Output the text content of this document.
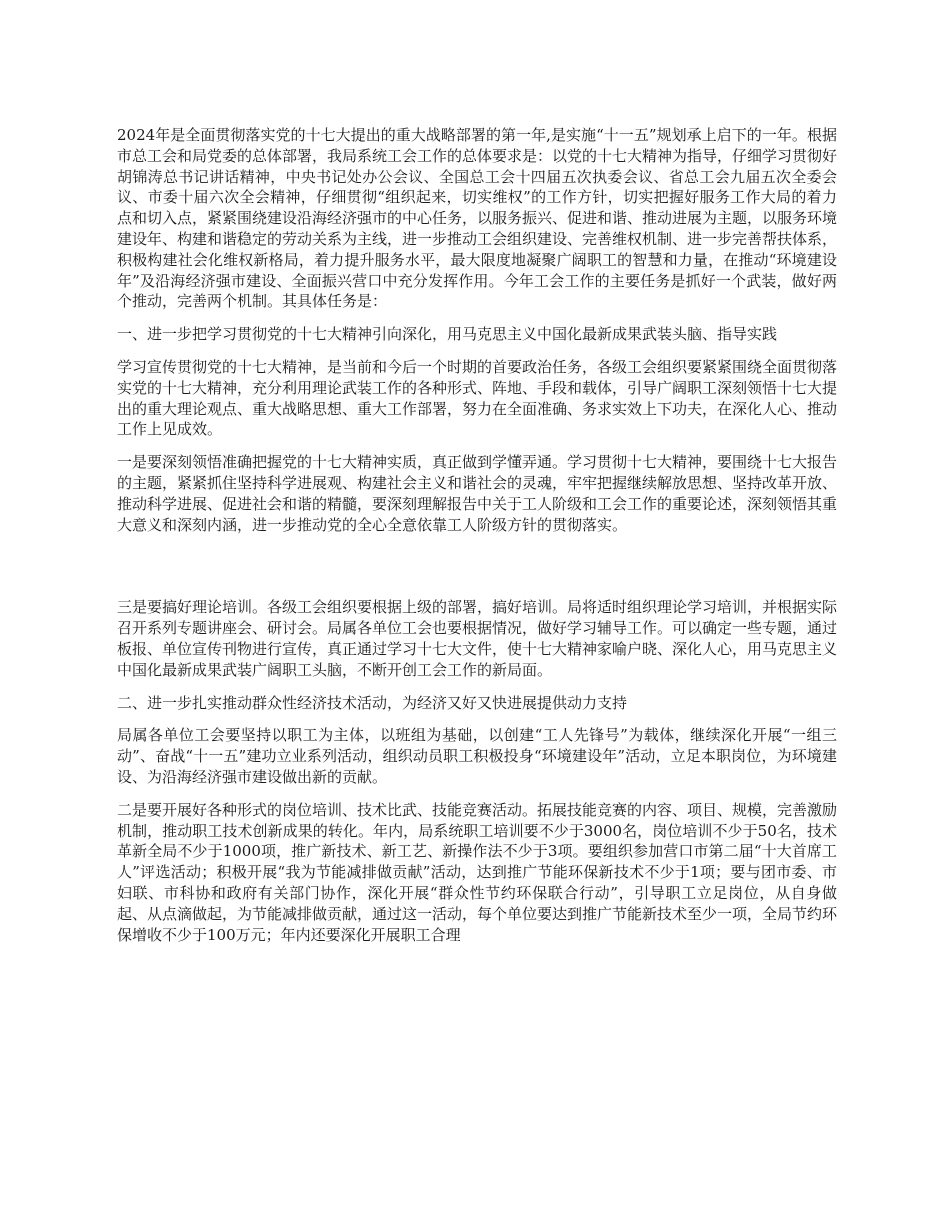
2024年是全面贯彻落实党的十七大提出的重大战略部署的第一年,是实施“十一五”规划承上启下的一年。根据市总工会和局党委的总体部署，我局系统工会工作的总体要求是：以党的十七大精神为指导，仔细学习贯彻好胡锦涛总书记讲话精神，中央书记处办公会议、全国总工会十四届五次执委会议、省总工会九届五次全委会议、市委十届六次全会精神，仔细贯彻“组织起来，切实维权”的工作方针，切实把握好服务工作大局的着力点和切入点，紧紧围绕建设沿海经济强市的中心任务，以服务振兴、促进和谐、推动进展为主题，以服务环境建设年、构建和谐稳定的劳动关系为主线，进一步推动工会组织建设、完善维权机制、进一步完善帮扶体系，积极构建社会化维权新格局，着力提升服务水平，最大限度地凝聚广阔职工的智慧和力量，在推动“环境建设年”及沿海经济强市建设、全面振兴营口中充分发挥作用。今年工会工作的主要任务是抓好一个武装，做好两个推动，完善两个机制。其具体任务是：

一、进一步把学习贯彻党的十七大精神引向深化，用马克思主义中国化最新成果武装头脑、指导实践

学习宣传贯彻党的十七大精神，是当前和今后一个时期的首要政治任务，各级工会组织要紧紧围绕全面贯彻落实党的十七大精神，充分利用理论武装工作的各种形式、阵地、手段和载体，引导广阔职工深刻领悟十七大提出的重大理论观点、重大战略思想、重大工作部署，努力在全面准确、务求实效上下功夫，在深化人心、推动工作上见成效。

一是要深刻领悟准确把握党的十七大精神实质，真正做到学懂弄通。学习贯彻十七大精神，要围绕十七大报告的主题，紧紧抓住坚持科学进展观、构建社会主义和谐社会的灵魂，牢牢把握继续解放思想、坚持改革开放、推动科学进展、促进社会和谐的精髓，要深刻理解报告中关于工人阶级和工会工作的重要论述，深刻领悟其重大意义和深刻内涵，进一步推动党的全心全意依靠工人阶级方针的贯彻落实。

三是要搞好理论培训。各级工会组织要根据上级的部署，搞好培训。局将适时组织理论学习培训，并根据实际召开系列专题讲座会、研讨会。局属各单位工会也要根据情况，做好学习辅导工作。可以确定一些专题，通过板报、单位宣传刊物进行宣传，真正通过学习十七大文件，使十七大精神家喻户晓、深化人心，用马克思主义中国化最新成果武装广阔职工头脑，不断开创工会工作的新局面。

二、进一步扎实推动群众性经济技术活动，为经济又好又快进展提供动力支持

局属各单位工会要坚持以职工为主体，以班组为基础，以创建“工人先锋号”为载体，继续深化开展“一组三动”、奋战“十一五”建功立业系列活动，组织动员职工积极投身“环境建设年”活动，立足本职岗位，为环境建设、为沿海经济强市建设做出新的贡献。

二是要开展好各种形式的岗位培训、技术比武、技能竞赛活动。拓展技能竞赛的内容、项目、规模，完善激励机制，推动职工技术创新成果的转化。年内，局系统职工培训要不少于3000名，岗位培训不少于50名，技术革新全局不少于1000项，推广新技术、新工艺、新操作法不少于3项。要组织参加营口市第二届“十大首席工人”评选活动；积极开展“我为节能减排做贡献”活动，达到推广节能环保新技术不少于1项；要与团市委、市妇联、市科协和政府有关部门协作，深化开展“群众性节约环保联合行动”，引导职工立足岗位，从自身做起、从点滴做起，为节能减排做贡献，通过这一活动，每个单位要达到推广节能新技术至少一项，全局节约环保增收不少于100万元；年内还要深化开展职工合理
